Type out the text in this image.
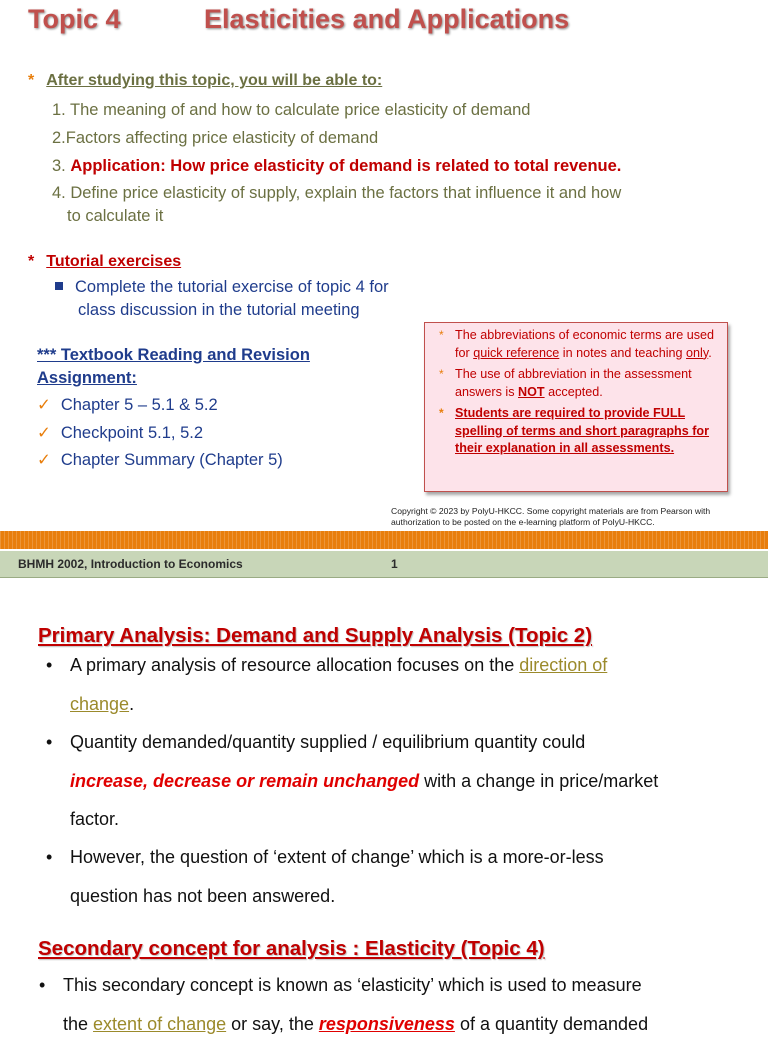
Topic 4	Elasticities and Applications
* After studying this topic, you will be able to:
1. The meaning of and how to calculate price elasticity of demand
2.Factors affecting price elasticity of demand
3. Application: How price elasticity of demand is related to total revenue.
4. Define price elasticity of supply, explain the factors that influence it and how
to calculate it
* Tutorial exercises
Complete the tutorial exercise of topic 4 for
class discussion in the tutorial meeting
*** Textbook Reading and Revision
Assignment:
✓ Chapter 5 – 5.1 & 5.2
✓ Checkpoint 5.1, 5.2
✓ Chapter Summary (Chapter 5)
* The abbreviations of economic terms are used for quick reference in notes and teaching only.
* The use of abbreviation in the assessment answers is NOT accepted.
* Students are required to provide FULL spelling of terms and short paragraphs for their explanation in all assessments.
Copyright © 2023 by PolyU-HKCC. Some copyright materials are from Pearson with
authorization to be posted on the e-learning platform of PolyU-HKCC.
BHMH 2002, Introduction to Economics	1
Primary Analysis: Demand and Supply Analysis (Topic 2)
• A primary analysis of resource allocation focuses on the direction of
change.
• Quantity demanded/quantity supplied / equilibrium quantity could
increase, decrease or remain unchanged with a change in price/market
factor.
• However, the question of ‘extent of change’ which is a more-or-less
question has not been answered.
Secondary concept for analysis : Elasticity (Topic 4)
• This secondary concept is known as ‘elasticity’ which is used to measure
the extent of change or say, the responsiveness of a quantity demanded
